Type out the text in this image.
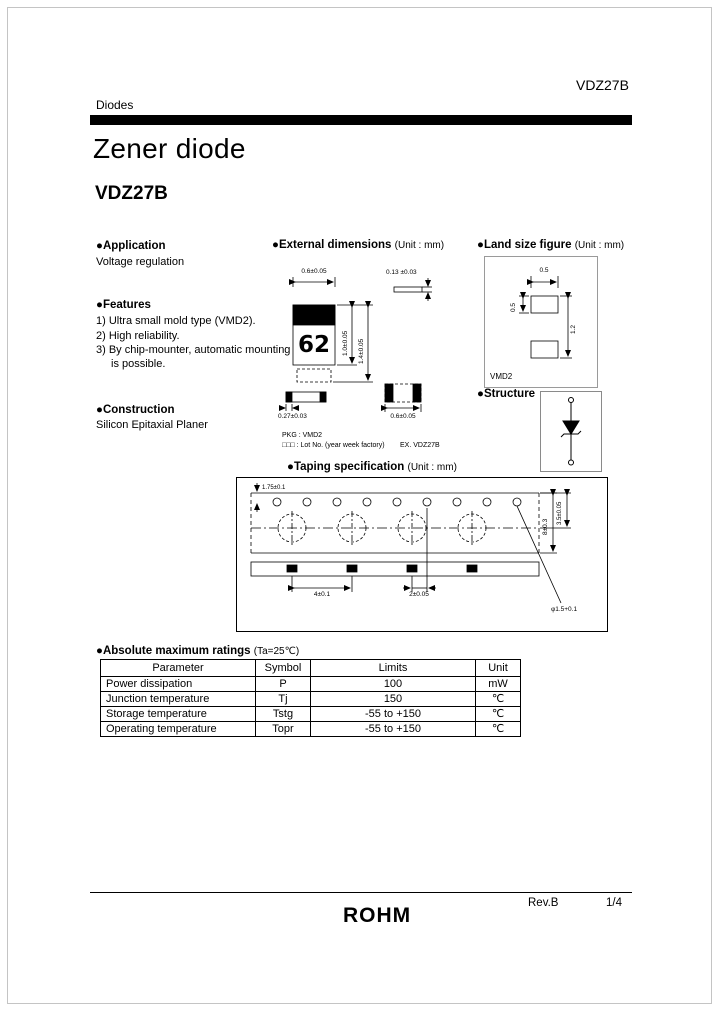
VDZ27B
Diodes
Zener diode
VDZ27B
●Application
Voltage regulation
●Features
1) Ultra small mold type (VMD2).
2) High reliability.
3) By chip-mounter, automatic mounting
is possible.
●Construction
Silicon Epitaxial Planer
●External dimensions (Unit : mm)
0.6±0.05	0.13 ±0.03
1.0±0.05 1.4±0.05
62
0.27±0.03	0.6±0.05
PKG : VMD2
□□□ : Lot No. (year week factory) EX. VDZ27B
●Land size figure (Unit : mm)
0.5
1.2
0.5
VMD2
●Structure
●Taping specification (Unit : mm)
4±0.1	2±0.05
1.75±0.1
8±0.3
3.5±0.05
φ1.5+0.1
●Absolute maximum ratings (Ta=25℃)
Parameter	Symbol	Limits	Unit
Power dissipation	P	100	mW
Junction temperature	Tj	150	℃
Storage temperature	Tstg	-55 to +150	℃
Operating temperature	Topr	-55 to +150	℃
Rev.B	1/4
ROHM
